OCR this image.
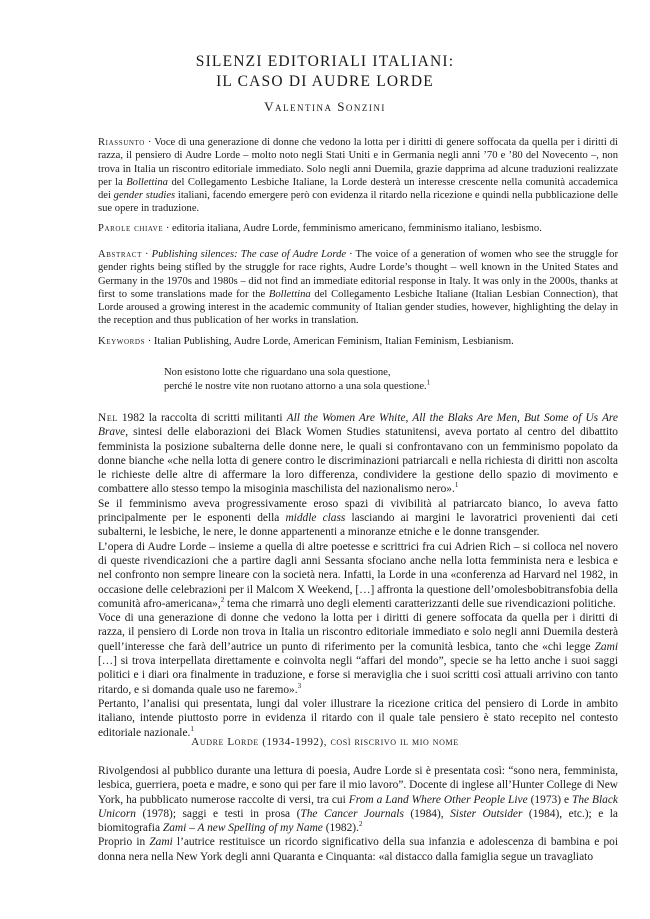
SILENZI EDITORIALI ITALIANI:
IL CASO DI AUDRE LORDE
Valentina Sonzini
Riassunto · Voce di una generazione di donne che vedono la lotta per i diritti di genere soffocata da quella per i diritti di razza, il pensiero di Audre Lorde – molto noto negli Stati Uniti e in Germania negli anni ’70 e ’80 del Novecento –, non trova in Italia un riscontro editoriale immediato. Solo negli anni Duemila, grazie dapprima ad alcune traduzioni realizzate per la Bollettina del Collegamento Lesbiche Italiane, la Lorde desterà un interesse crescente nella comunità accademica dei gender studies italiani, facendo emergere però con evidenza il ritardo nella ricezione e quindi nella pubblicazione delle sue opere in traduzione.
Parole chiave · editoria italiana, Audre Lorde, femminismo americano, femminismo italiano, lesbismo.
Abstract · Publishing silences: The case of Audre Lorde · The voice of a generation of women who see the struggle for gender rights being stifled by the struggle for race rights, Audre Lorde’s thought – well known in the United States and Germany in the 1970s and 1980s – did not find an immediate editorial response in Italy. It was only in the 2000s, thanks at first to some translations made for the Bollettina del Collegamento Lesbiche Italiane (Italian Lesbian Connection), that Lorde aroused a growing interest in the academic community of Italian gender studies, however, highlighting the delay in the reception and thus publication of her works in translation.
Keywords · Italian Publishing, Audre Lorde, American Feminism, Italian Feminism, Lesbianism.
Non esistono lotte che riguardano una sola questione,
perché le nostre vite non ruotano attorno a una sola questione.$^1$

Nel 1982 la raccolta di scritti militanti All the Women Are White, All the Blaks Are Men, But Some of Us Are Brave, sintesi delle elaborazioni dei Black Women Studies statunitensi, aveva portato al centro del dibattito femminista la posizione subalterna delle donne nere, le quali si confrontavano con un femminismo popolato da donne bianche «che nella lotta di genere contro le discriminazioni patriarcali e nella richiesta di diritti non ascolta le richieste delle altre di affermare la loro differenza, condividere la gestione dello spazio di movimento e combattere allo stesso tempo la misoginia maschilista del nazionalismo nero».$^1$

Se il femminismo aveva progressivamente eroso spazi di vivibilità al patriarcato bianco, lo aveva fatto principalmente per le esponenti della middle class lasciando ai margini le lavoratrici provenienti dai ceti subalterni, le lesbiche, le nere, le donne appartenenti a minoranze etniche e le donne transgender.

L’opera di Audre Lorde – insieme a quella di altre poetesse e scrittrici fra cui Adrien Rich – si colloca nel novero di queste rivendicazioni che a partire dagli anni Sessanta sfociano anche nella lotta femminista nera e lesbica e nel confronto non sempre lineare con la società nera. Infatti, la Lorde in una «conferenza ad Harvard nel 1982, in occasione delle celebrazioni per il Malcom X Weekend, […] affronta la questione dell’omolesbobitransfobia della comunità afro-americana»,$^2$ tema che rimarrà uno degli elementi caratterizzanti delle sue rivendicazioni politiche.

Voce di una generazione di donne che vedono la lotta per i diritti di genere soffocata da quella per i diritti di razza, il pensiero di Lorde non trova in Italia un riscontro editoriale immediato e solo negli anni Duemila desterà quell’interesse che farà dell’autrice un punto di riferimento per la comunità lesbica, tanto che «chi legge Zami […] si trova interpellata direttamente e coinvolta negli “affari del mondo”, specie se ha letto anche i suoi saggi politici e i diari ora finalmente in traduzione, e forse si meraviglia che i suoi scritti così attuali arrivino con tanto ritardo, e si domanda quale uso ne faremo».$^3$

Pertanto, l’analisi qui presentata, lungi dal voler illustrare la ricezione critica del pensiero di Lorde in ambito italiano, intende piuttosto porre in evidenza il ritardo con il quale tale pensiero è stato recepito nel contesto editoriale nazionale.$^1$

Audre Lorde (1934-1992), così riscrivo il mio nome

Rivolgendosi al pubblico durante una lettura di poesia, Audre Lorde si è presentata così: “sono nera, femminista, lesbica, guerriera, poeta e madre, e sono qui per fare il mio lavoro”. Docente di inglese all’Hunter College di New York, ha pubblicato numerose raccolte di versi, tra cui From a Land Where Other People Live (1973) e The Black Unicorn (1978); saggi e testi in prosa (The Cancer Journals (1984), Sister Outsider (1984), etc.); e la biomitografia Zami – A new Spelling of my Name (1982).$^2$

Proprio in Zami l’autrice restituisce un ricordo significativo della sua infanzia e adolescenza di bambina e poi donna nera nella New York degli anni Quaranta e Cinquanta: «al distacco dalla famiglia segue un travagliato
